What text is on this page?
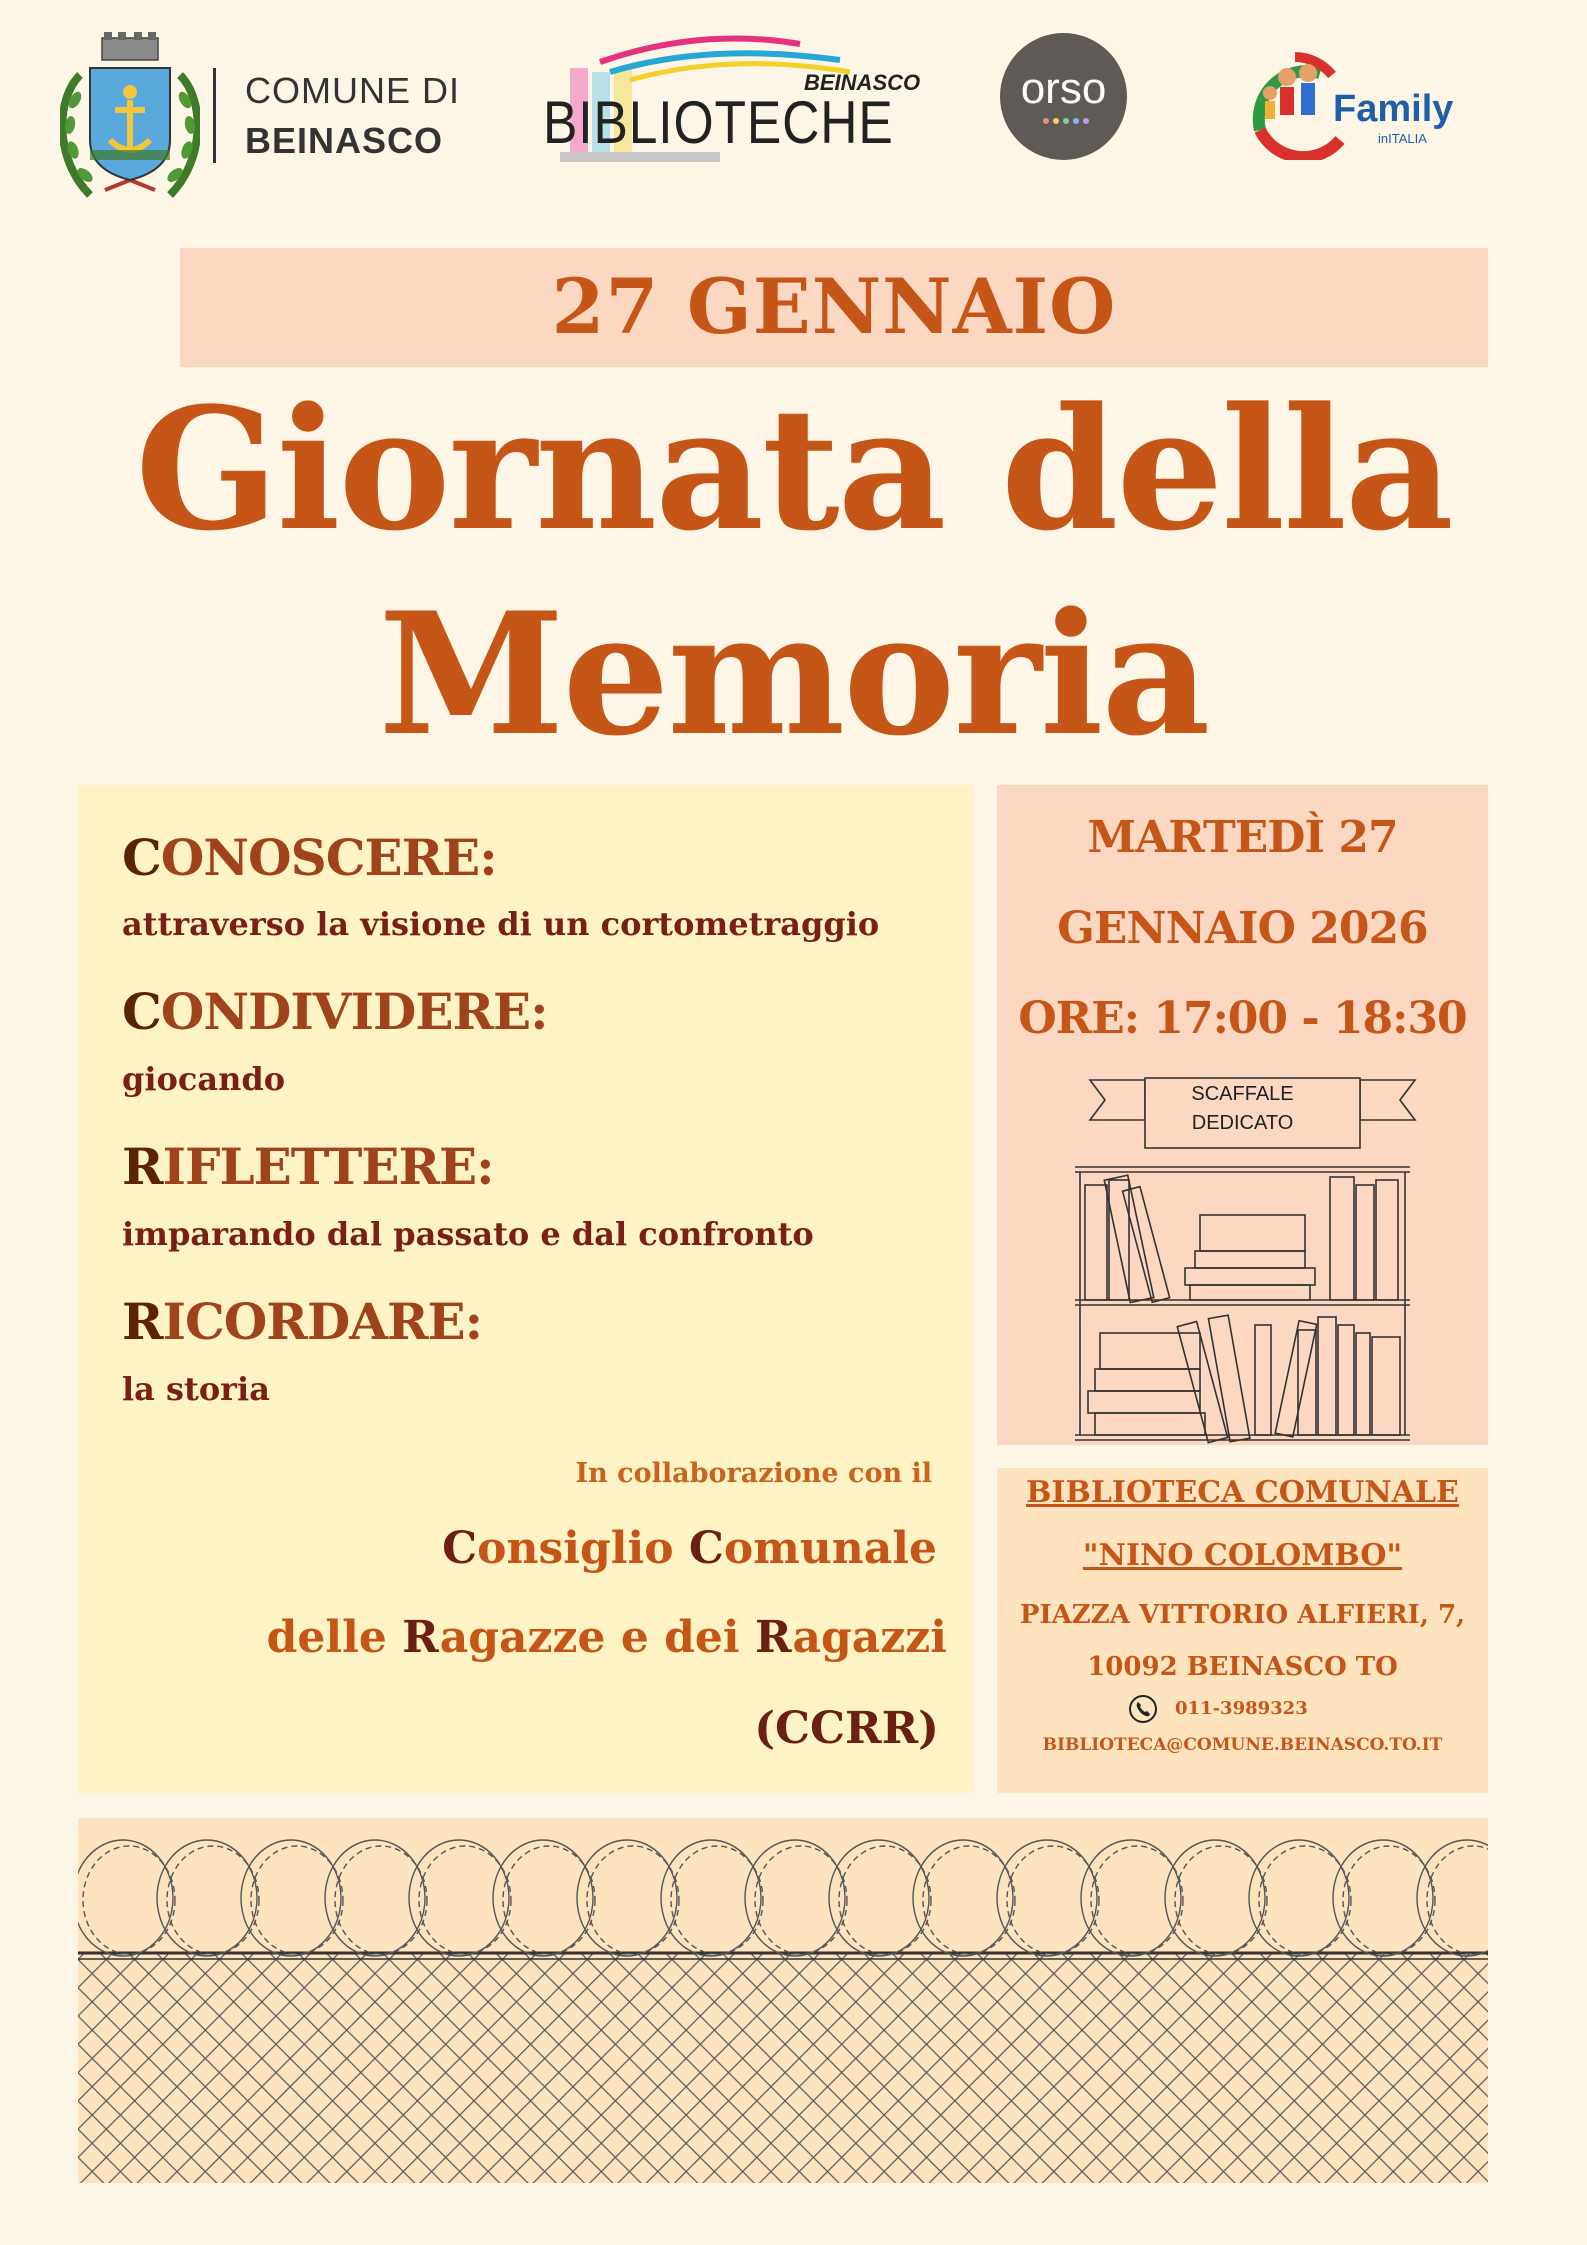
COMUNE DI
BEINASCO
BEINASCO
BIBLIOTECHE
orso	Family
inITALIA
27 GENNAIO
Giornata della
Memoria
CONOSCERE:
attraverso la visione di un cortometraggio
CONDIVIDERE:
giocando
RIFLETTERE:
imparando dal passato e dal confronto
RICORDARE:
la storia
In collaborazione con il
Consiglio Comunale
delle Ragazze e dei Ragazzi
(CCRR)
MARTEDÌ 27
GENNAIO 2026
ORE: 17:00 - 18:30
SCAFFALE
DEDICATO
BIBLIOTECA COMUNALE
"NINO COLOMBO"
PIAZZA VITTORIO ALFIERI, 7,
10092 BEINASCO TO
011-3989323
BIBLIOTECA@COMUNE.BEINASCO.TO.IT
